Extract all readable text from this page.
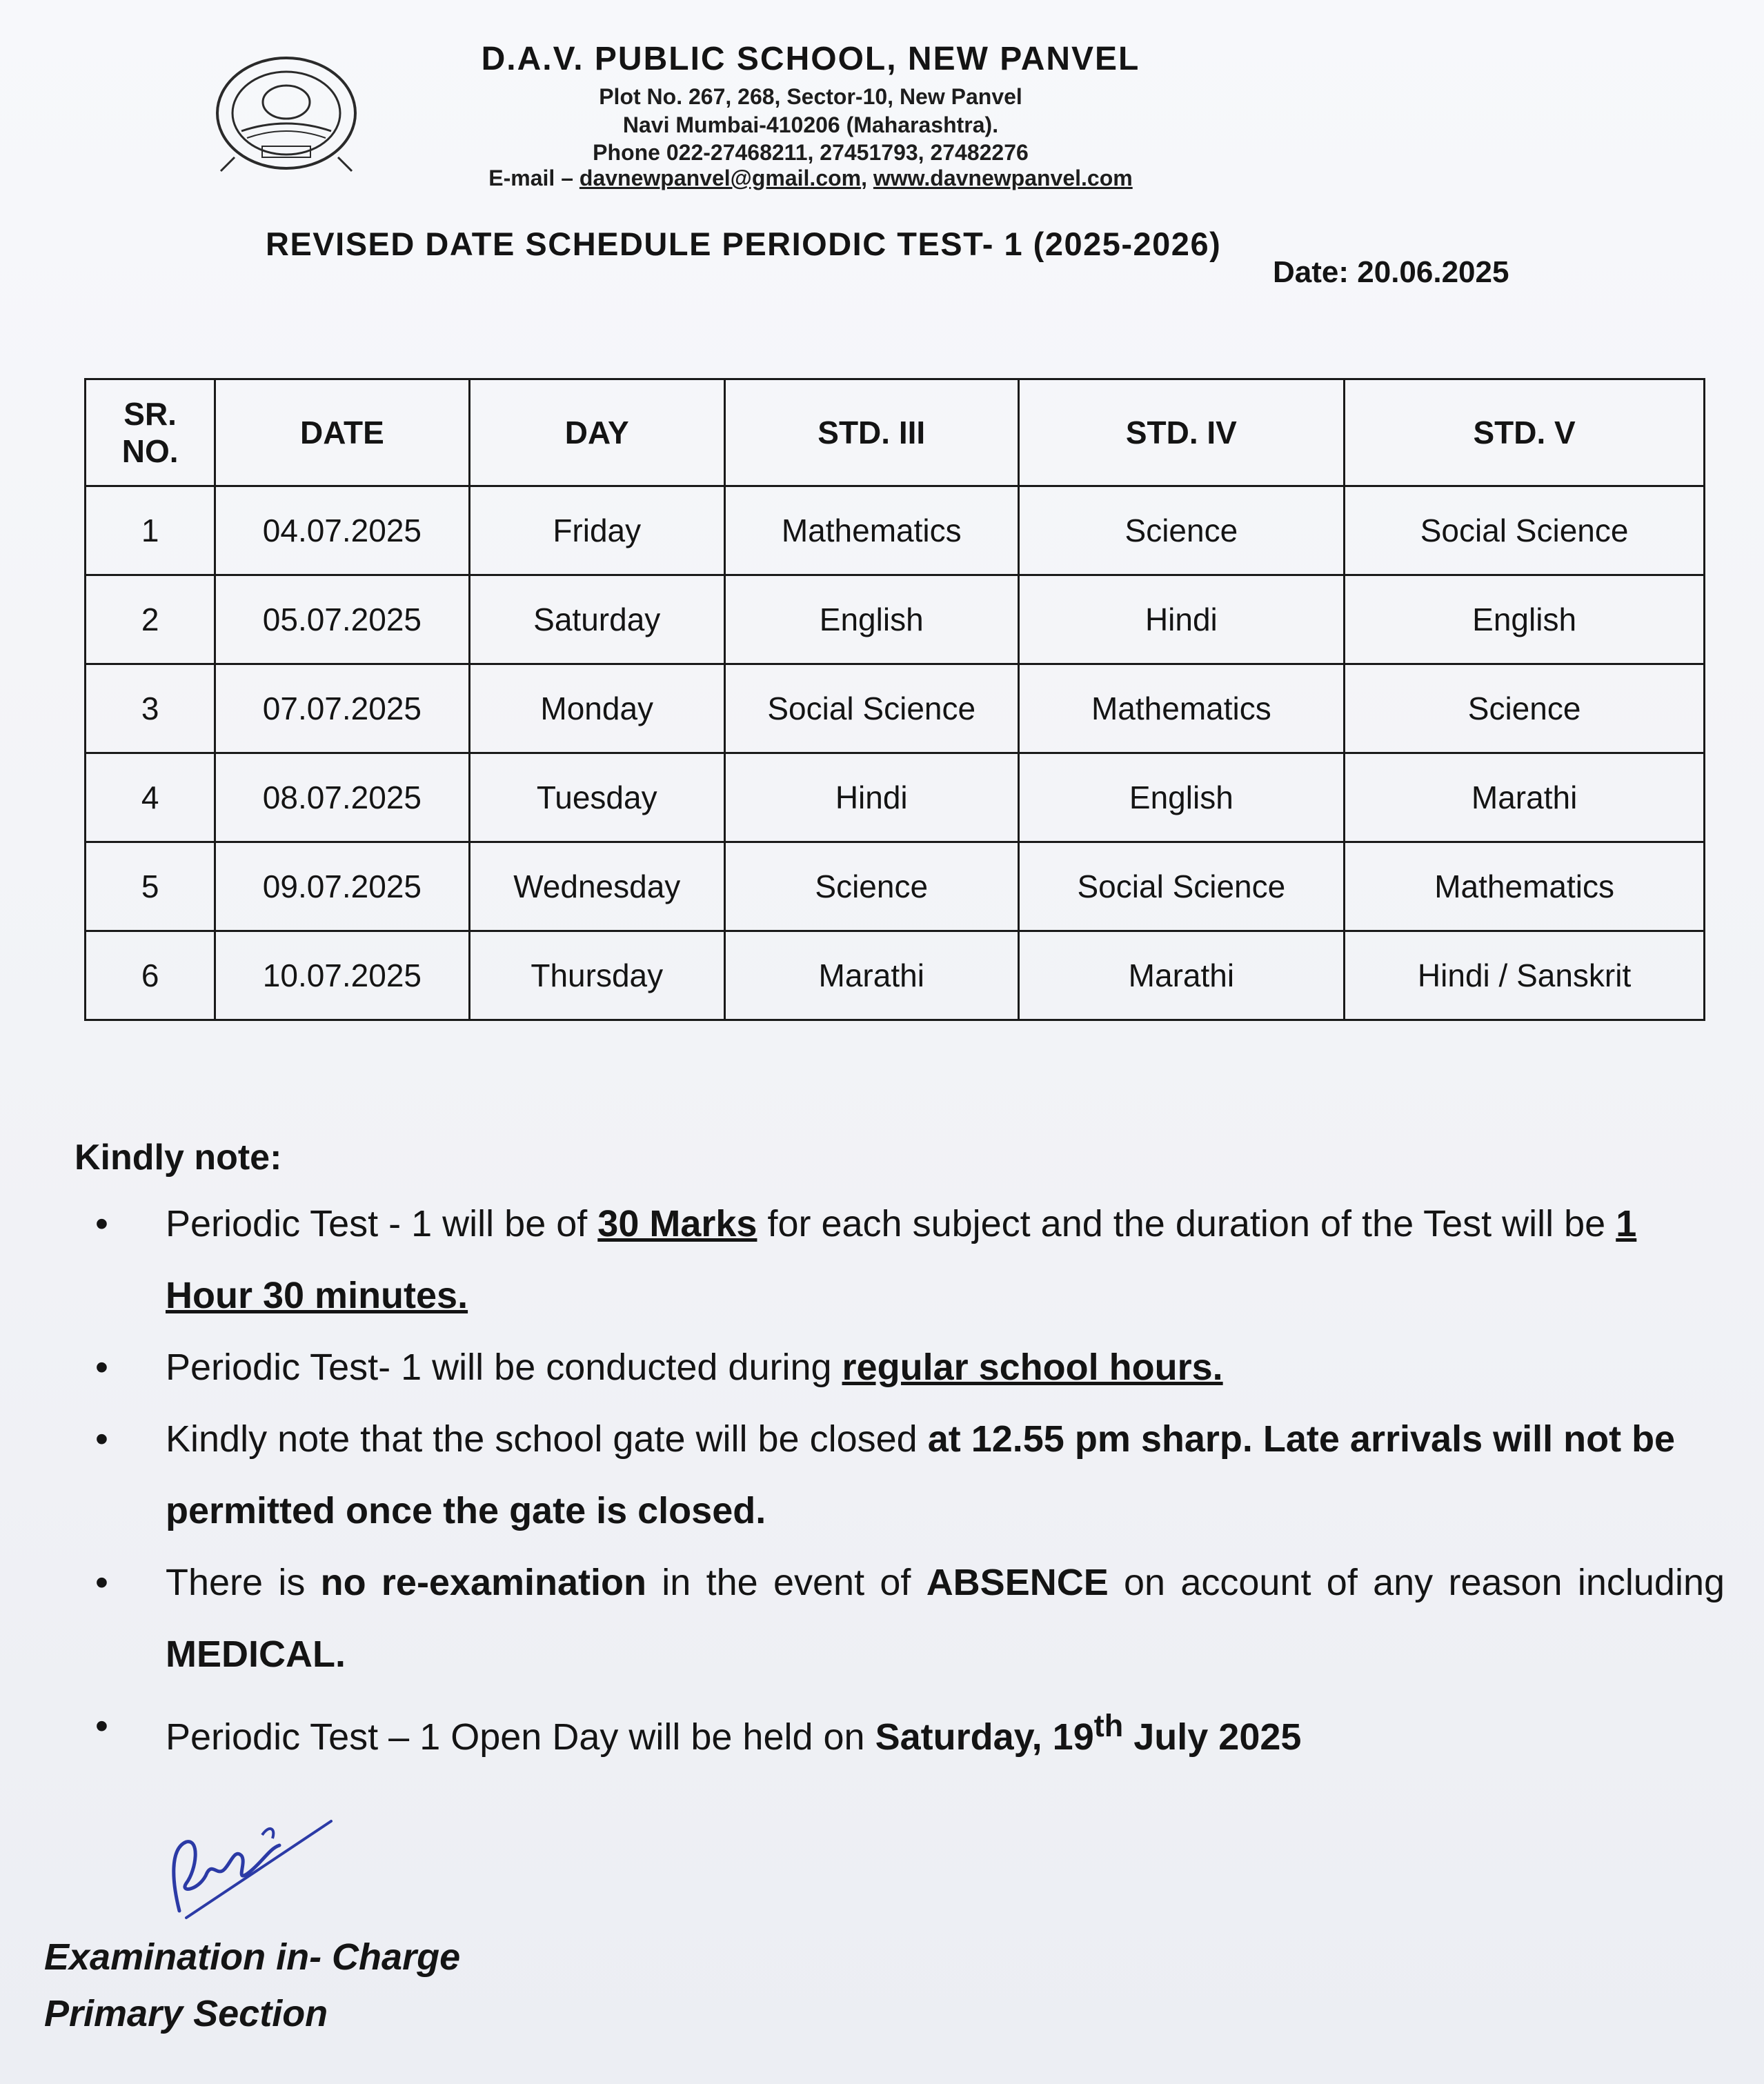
D.A.V. PUBLIC SCHOOL, NEW PANVEL
Plot No. 267, 268, Sector-10, New Panvel
Navi Mumbai-410206 (Maharashtra).
Phone 022-27468211, 27451793, 27482276
E-mail – davnewpanvel@gmail.com, www.davnewpanvel.com
REVISED DATE SCHEDULE PERIODIC TEST- 1 (2025-2026)
Date: 20.06.2025
SR.
NO.	DATE	DAY	STD. III	STD. IV	STD. V
1	04.07.2025	Friday	Mathematics	Science	Social Science
2	05.07.2025	Saturday	English	Hindi	English
3	07.07.2025	Monday	Social Science	Mathematics	Science
4	08.07.2025	Tuesday	Hindi	English	Marathi
5	09.07.2025	Wednesday	Science	Social Science	Mathematics
6	10.07.2025	Thursday	Marathi	Marathi	Hindi / Sanskrit
Kindly note:
• Periodic Test - 1 will be of 30 Marks for each subject and the duration of the Test will be 1 Hour 30 minutes.
• Periodic Test- 1 will be conducted during regular school hours.
• Kindly note that the school gate will be closed at 12.55 pm sharp. Late arrivals will not be permitted once the gate is closed.
• There is no re-examination in the event of ABSENCE on account of any reason including MEDICAL.
• Periodic Test – 1 Open Day will be held on Saturday, 19th July 2025
Examination in- Charge
Primary Section
